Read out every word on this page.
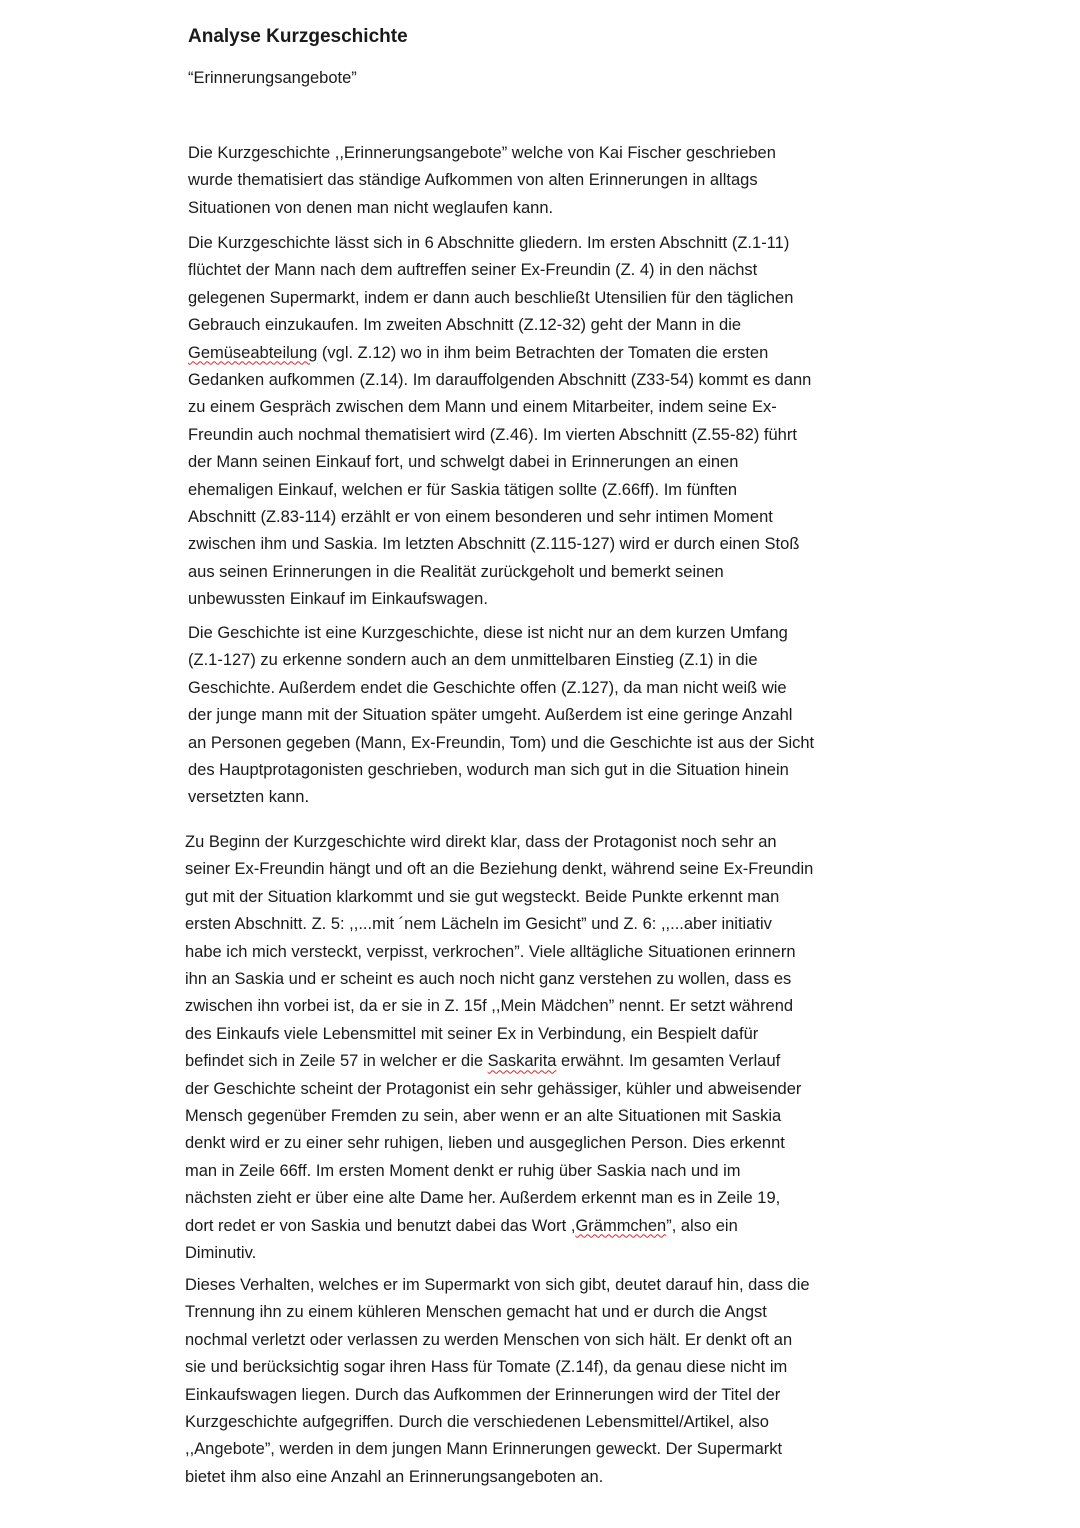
Analyse Kurzgeschichte

“Erinnerungsangebote”

Die Kurzgeschichte ,,Erinnerungsangebote” welche von Kai Fischer geschrieben
wurde thematisiert das ständige Aufkommen von alten Erinnerungen in alltags
Situationen von denen man nicht weglaufen kann.
Die Kurzgeschichte lässt sich in 6 Abschnitte gliedern. Im ersten Abschnitt (Z.1-11)
flüchtet der Mann nach dem auftreffen seiner Ex-Freundin (Z. 4) in den nächst
gelegenen Supermarkt, indem er dann auch beschließt Utensilien für den täglichen
Gebrauch einzukaufen. Im zweiten Abschnitt (Z.12-32) geht der Mann in die
Gemüseabteilung (vgl. Z.12) wo in ihm beim Betrachten der Tomaten die ersten
Gedanken aufkommen (Z.14). Im darauffolgenden Abschnitt (Z33-54) kommt es dann
zu einem Gespräch zwischen dem Mann und einem Mitarbeiter, indem seine Ex-
Freundin auch nochmal thematisiert wird (Z.46). Im vierten Abschnitt (Z.55-82) führt
der Mann seinen Einkauf fort, und schwelgt dabei in Erinnerungen an einen
ehemaligen Einkauf, welchen er für Saskia tätigen sollte (Z.66ff). Im fünften
Abschnitt (Z.83-114) erzählt er von einem besonderen und sehr intimen Moment
zwischen ihm und Saskia. Im letzten Abschnitt (Z.115-127) wird er durch einen Stoß
aus seinen Erinnerungen in die Realität zurückgeholt und bemerkt seinen
unbewussten Einkauf im Einkaufswagen.
Die Geschichte ist eine Kurzgeschichte, diese ist nicht nur an dem kurzen Umfang
(Z.1-127) zu erkenne sondern auch an dem unmittelbaren Einstieg (Z.1) in die
Geschichte. Außerdem endet die Geschichte offen (Z.127), da man nicht weiß wie
der junge mann mit der Situation später umgeht. Außerdem ist eine geringe Anzahl
an Personen gegeben (Mann, Ex-Freundin, Tom) und die Geschichte ist aus der Sicht
des Hauptprotagonisten geschrieben, wodurch man sich gut in die Situation hinein
versetzten kann.
Zu Beginn der Kurzgeschichte wird direkt klar, dass der Protagonist noch sehr an
seiner Ex-Freundin hängt und oft an die Beziehung denkt, während seine Ex-Freundin
gut mit der Situation klarkommt und sie gut wegsteckt. Beide Punkte erkennt man
ersten Abschnitt. Z. 5: ,,...mit ´nem Lächeln im Gesicht” und Z. 6: ,,...aber initiativ
habe ich mich versteckt, verpisst, verkrochen”. Viele alltägliche Situationen erinnern
ihn an Saskia und er scheint es auch noch nicht ganz verstehen zu wollen, dass es
zwischen ihn vorbei ist, da er sie in Z. 15f ,,Mein Mädchen” nennt. Er setzt während
des Einkaufs viele Lebensmittel mit seiner Ex in Verbindung, ein Bespielt dafür
befindet sich in Zeile 57 in welcher er die Saskarita erwähnt. Im gesamten Verlauf
der Geschichte scheint der Protagonist ein sehr gehässiger, kühler und abweisender
Mensch gegenüber Fremden zu sein, aber wenn er an alte Situationen mit Saskia
denkt wird er zu einer sehr ruhigen, lieben und ausgeglichen Person. Dies erkennt
man in Zeile 66ff. Im ersten Moment denkt er ruhig über Saskia nach und im
nächsten zieht er über eine alte Dame her. Außerdem erkennt man es in Zeile 19,
dort redet er von Saskia und benutzt dabei das Wort ,Grämmchen”, also ein
Diminutiv.
Dieses Verhalten, welches er im Supermarkt von sich gibt, deutet darauf hin, dass die
Trennung ihn zu einem kühleren Menschen gemacht hat und er durch die Angst
nochmal verletzt oder verlassen zu werden Menschen von sich hält. Er denkt oft an
sie und berücksichtig sogar ihren Hass für Tomate (Z.14f), da genau diese nicht im
Einkaufswagen liegen. Durch das Aufkommen der Erinnerungen wird der Titel der
Kurzgeschichte aufgegriffen. Durch die verschiedenen Lebensmittel/Artikel, also
,,Angebote”, werden in dem jungen Mann Erinnerungen geweckt. Der Supermarkt
bietet ihm also eine Anzahl an Erinnerungsangeboten an.
